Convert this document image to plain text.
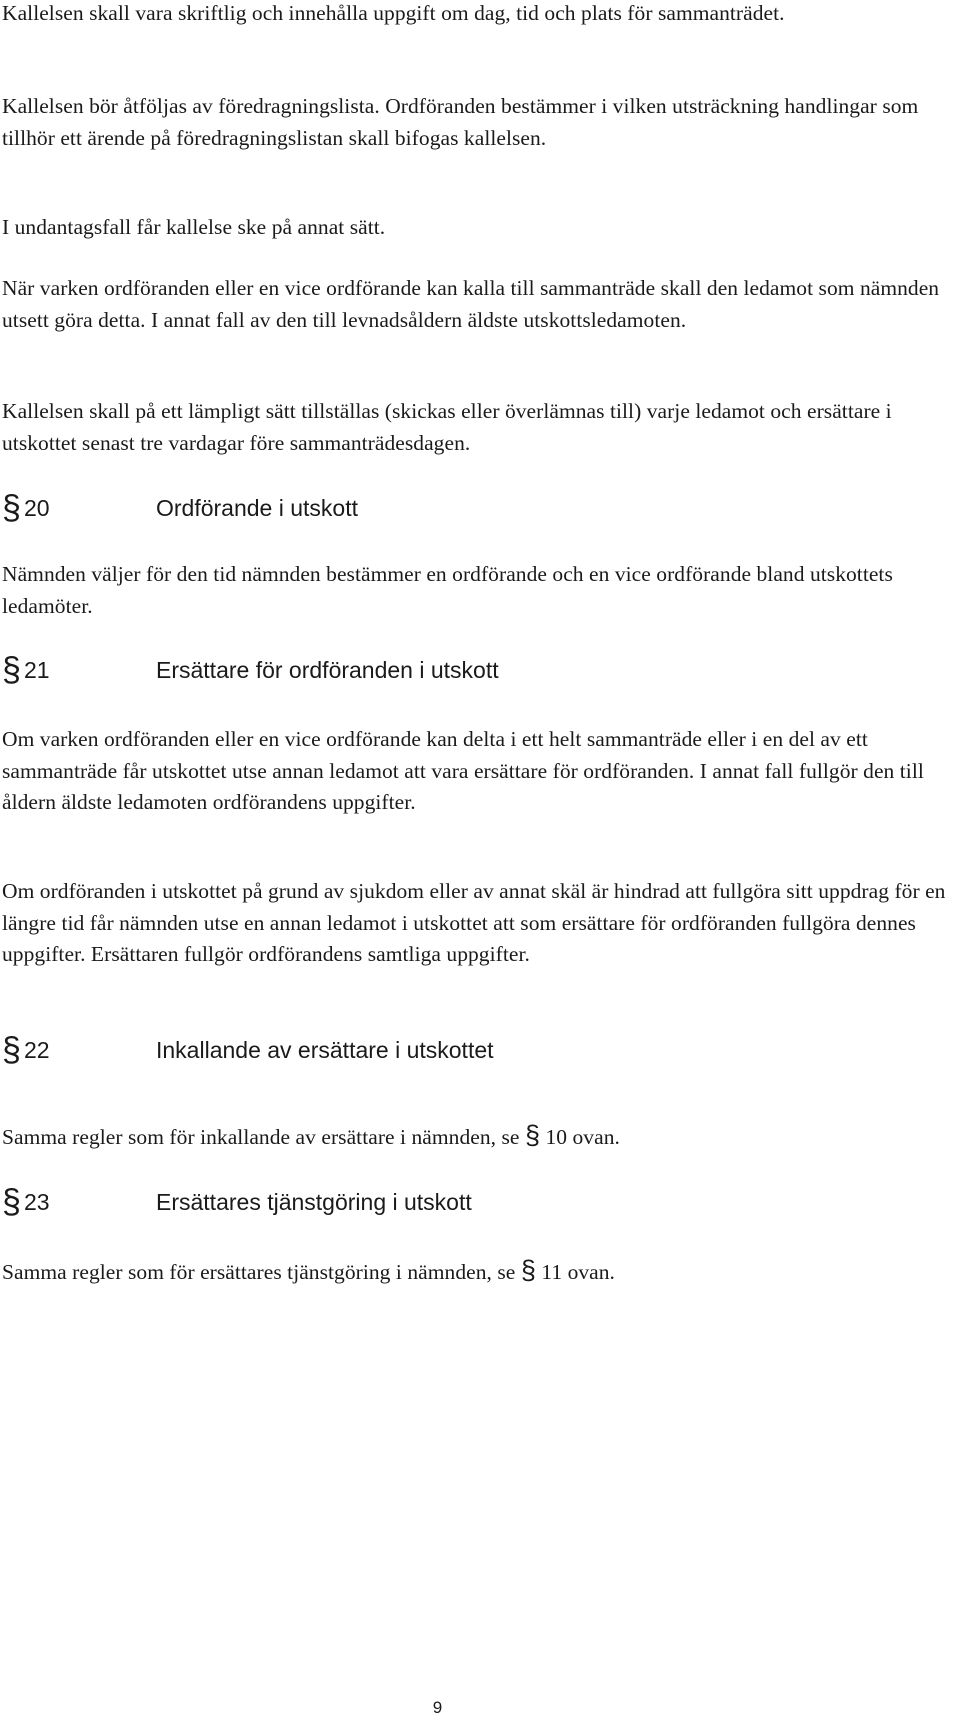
Kallelsen skall vara skriftlig och innehålla uppgift om dag, tid och plats för sammanträdet.

Kallelsen bör åtföljas av föredragningslista. Ordföranden bestämmer i vilken utsträckning handlingar som tillhör ett ärende på föredragningslistan skall bifogas kallelsen.

I undantagsfall får kallelse ske på annat sätt.

När varken ordföranden eller en vice ordförande kan kalla till sammanträde skall den ledamot som nämnden utsett göra detta. I annat fall av den till levnadsåldern äldste utskottsledamoten.

Kallelsen skall på ett lämpligt sätt tillställas (skickas eller överlämnas till) varje ledamot och ersättare i utskottet senast tre vardagar före sammanträdesdagen.

§ 20	Ordförande i utskott

Nämnden väljer för den tid nämnden bestämmer en ordförande och en vice ordförande bland utskottets ledamöter.

§ 21	Ersättare för ordföranden i utskott

Om varken ordföranden eller en vice ordförande kan delta i ett helt sammanträde eller i en del av ett sammanträde får utskottet utse annan ledamot att vara ersättare för ordföranden. I annat fall fullgör den till åldern äldste ledamoten ordförandens uppgifter.

Om ordföranden i utskottet på grund av sjukdom eller av annat skäl är hindrad att fullgöra sitt uppdrag för en längre tid får nämnden utse en annan ledamot i utskottet att som ersättare för ordföranden fullgöra dennes uppgifter. Ersättaren fullgör ordförandens samtliga uppgifter.

§ 22	Inkallande av ersättare i utskottet

Samma regler som för inkallande av ersättare i nämnden, se § 10 ovan.

§ 23	Ersättares tjänstgöring i utskott

Samma regler som för ersättares tjänstgöring i nämnden, se § 11 ovan.

9
